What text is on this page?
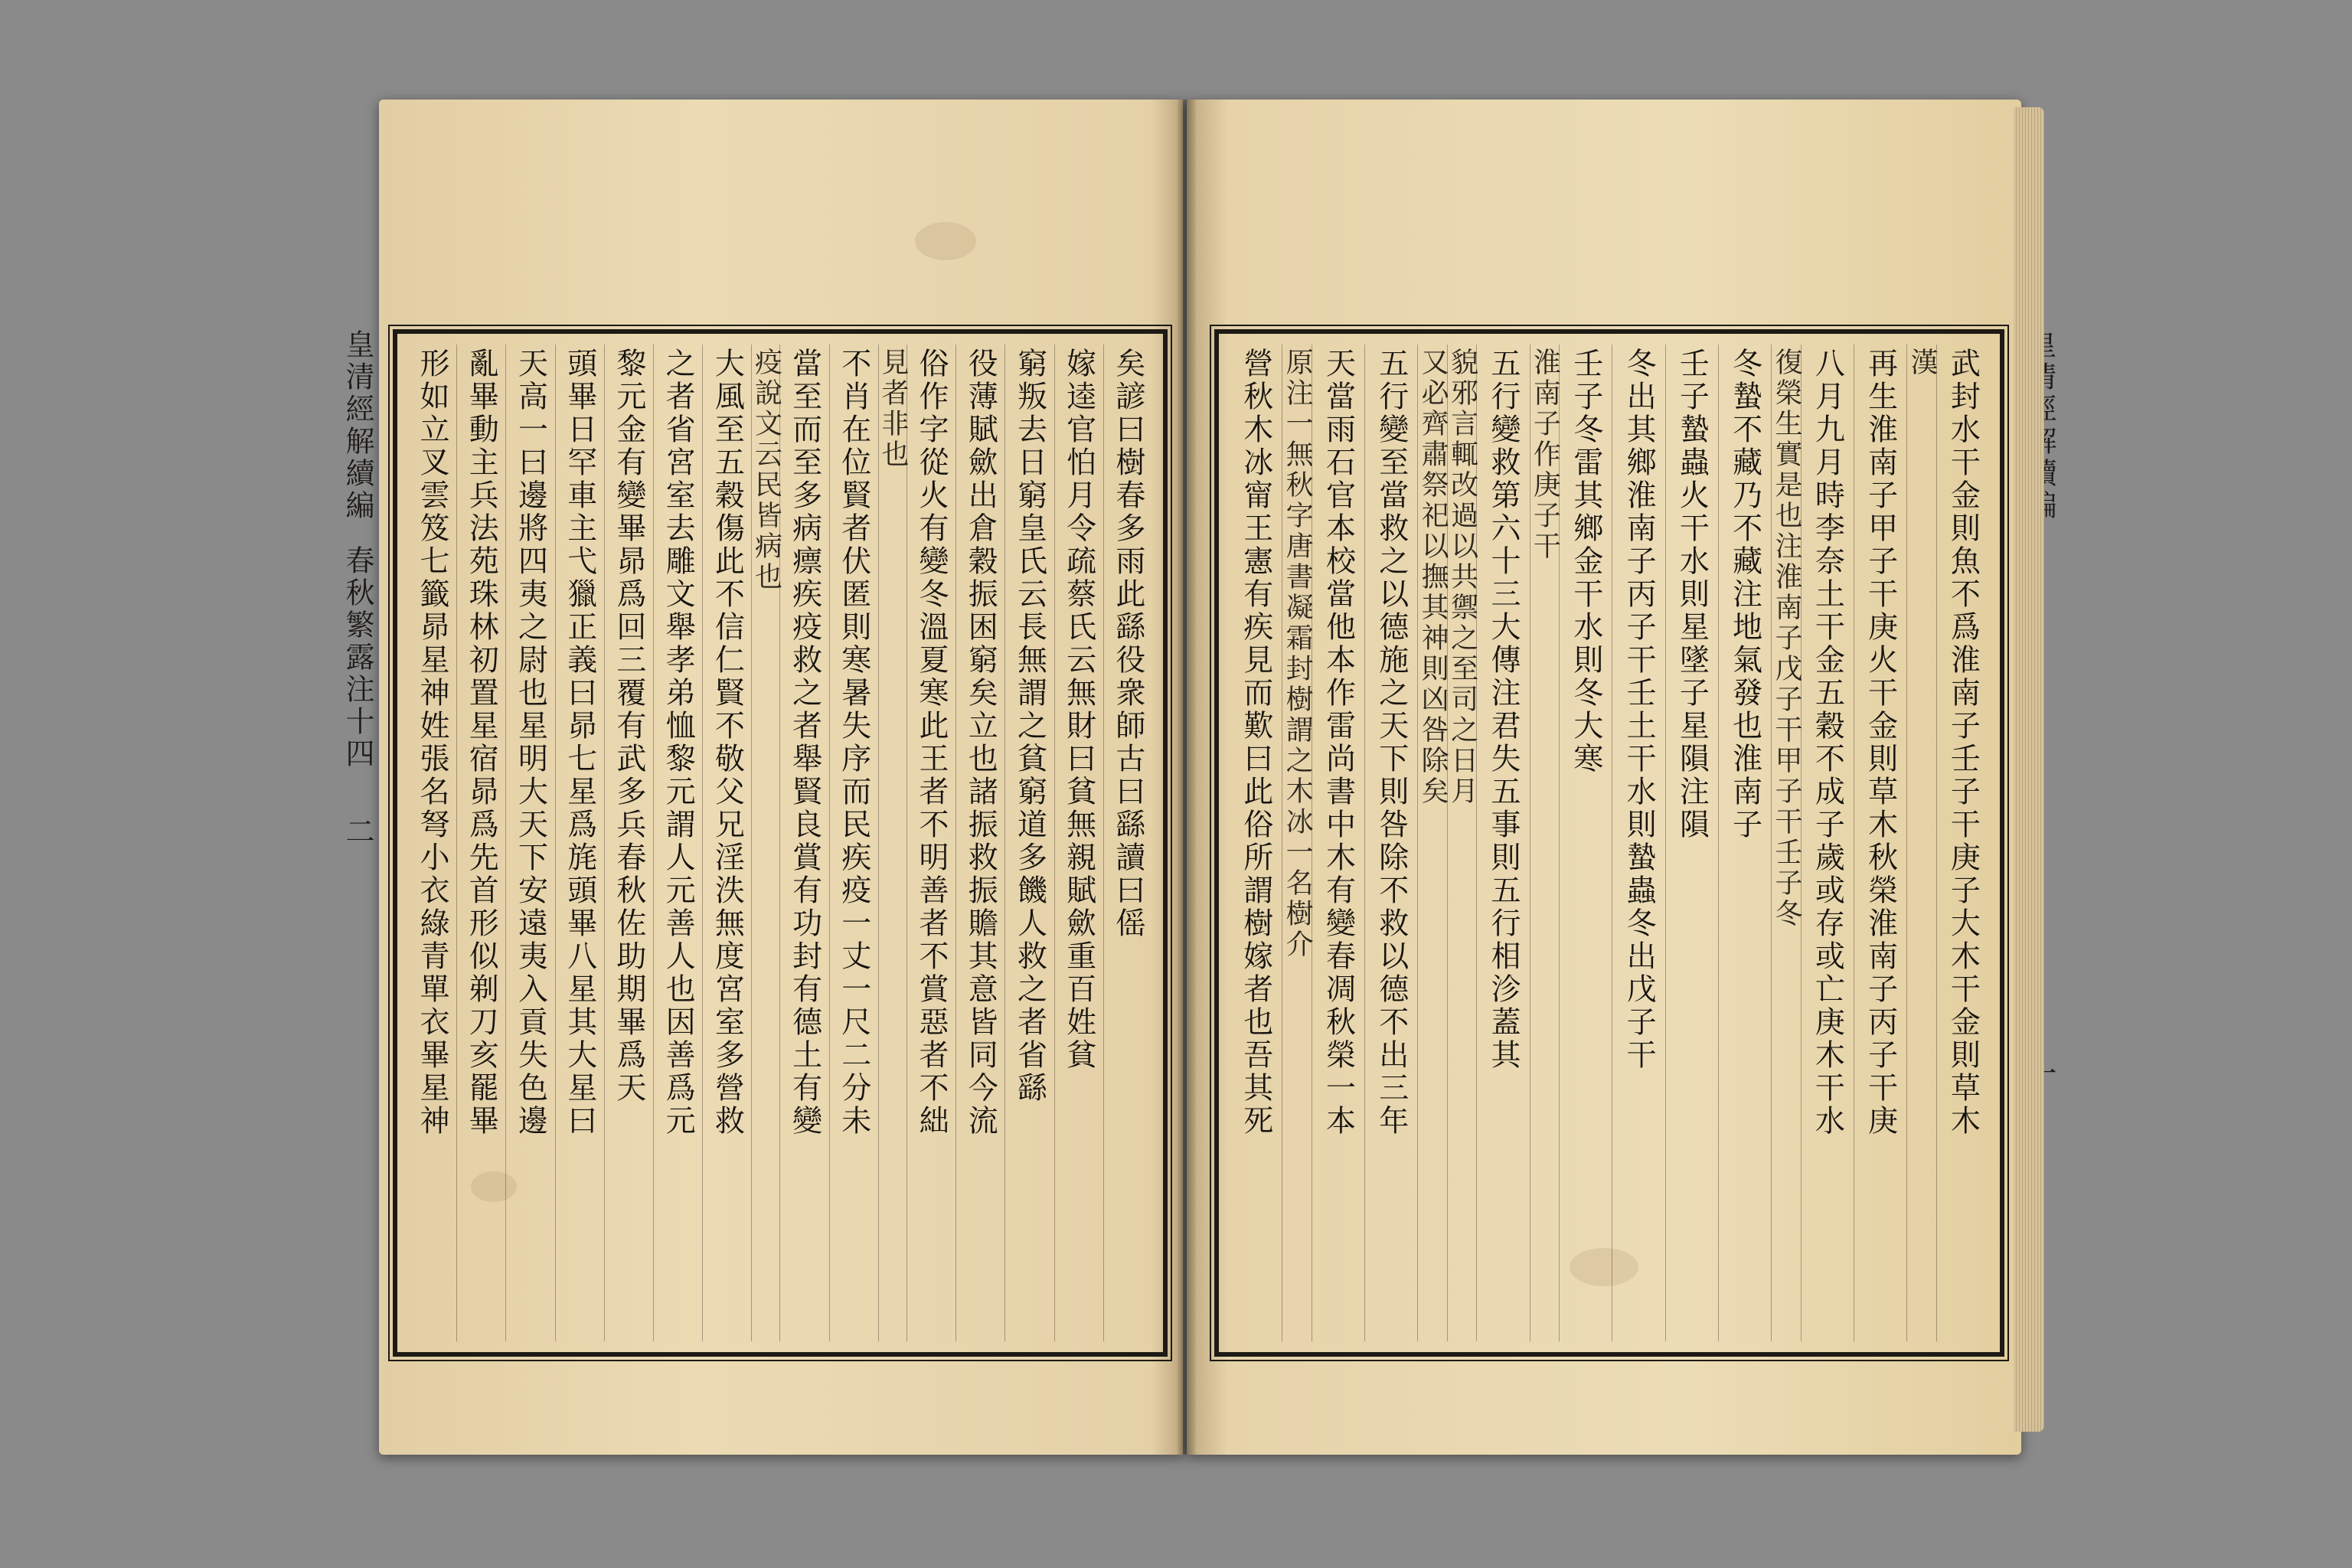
皇清經解續編
春秋繁露注十四
二	矣諺曰樹春多雨此繇役衆師古曰繇讀曰傜
嫁逵官怕月令疏蔡氏云無財曰貧無親賦歛重百姓貧
窮叛去日窮皇氏云長無謂之貧窮道多饑人救之者省繇
役薄賦歛出倉穀振困窮矣立也諸振救振贍其意皆同今流
俗作字從火有變冬溫夏寒此王者不明善者不賞惡者不絀
見者非也
不肖在位賢者伏匿則寒暑失序而民疾疫一丈一尺二分未
當至而至多病瘭疾疫救之者舉賢良賞有功封有德土有變
疫說文云民皆病也
大風至五穀傷此不信仁賢不敬父兄淫泆無度宮室多營救
之者省宮室去雕文舉孝弟恤黎元謂人元善人也因善爲元
黎元金有變畢昴爲回三覆有武多兵春秋佐助期畢爲天
頭畢日罕車主弋獵正義曰昴七星爲旄頭畢八星其大星曰
天高一曰邊將四夷之尉也星明大天下安遠夷入貢失色邊
亂畢動主兵法苑珠林初置星宿昴爲先首形似剃刀亥罷畢
形如立叉雲笈七籤昴星神姓張名弩小衣綠青單衣畢星神	武封水干金則魚不爲淮南子壬子干庚子大木干金則草木
漢
再生淮南子甲子干庚火干金則草木秋榮淮南子丙子干庚
八月九月時李奈土干金五穀不成子歲或存或亡庚木干水
復榮生實是也注淮南子戊子干甲子干壬子冬
冬蟄不藏乃不藏注地氣發也淮南子
壬子蟄蟲火干水則星墜子星隕注隕
冬出其鄉淮南子丙子干壬土干水則蟄蟲冬出戊子干
壬子冬雷其鄉金干水則冬大寒
淮南子作庚子干
五行變救第六十三大傳注君失五事則五行相沴蓋其
貌邪言輒改過以共禦之至司之日月
又必齊肅祭祀以撫其神則凶咎除矣
五行變至當救之以德施之天下則咎除不救以德不出三年
天當雨石官本校當他本作雷尚書中木有變春凋秋榮一本
原注一無秋字唐書凝霜封樹謂之木冰一名樹介
營秋木冰甯王憲有疾見而歎曰此俗所謂樹嫁者也吾其死
